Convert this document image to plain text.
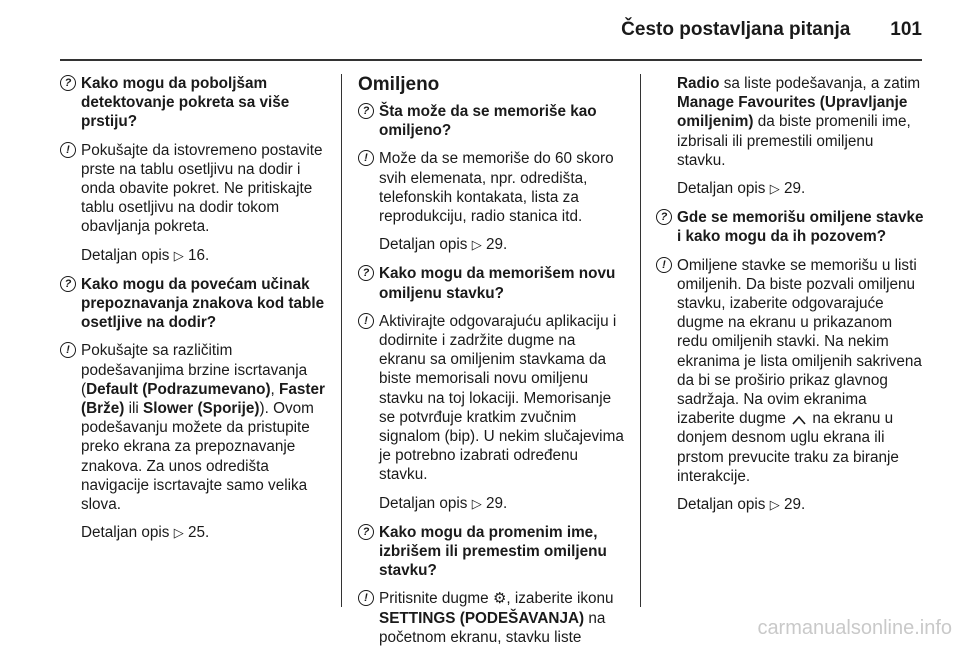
Često postavljana pitanja 101
? Kako mogu da poboljšam detektovanje pokreta sa više prstiju?
! Pokušajte da istovremeno postavite prste na tablu osetljivu na dodir i onda obavite pokret. Ne pritiskajte tablu osetljivu na dodir tokom obavljanja pokreta.
Detaljan opis ▷ 16.
? Kako mogu da povećam učinak prepoznavanja znakova kod table osetljive na dodir?
! Pokušajte sa različitim podešavanjima brzine iscrtavanja (Default (Podrazumevano), Faster (Brže) ili Slower (Sporije)). Ovom podešavanju možete da pristupite preko ekrana za prepoznavanje znakova. Za unos odredišta navigacije iscrtavajte samo velika slova.
Detaljan opis ▷ 25.
Omiljeno
? Šta može da se memoriše kao omiljeno?
! Može da se memoriše do 60 skoro svih elemenata, npr. odredišta, telefonskih kontakata, lista za reprodukciju, radio stanica itd.
Detaljan opis ▷ 29.
? Kako mogu da memorišem novu omiljenu stavku?
! Aktivirajte odgovarajuću aplikaciju i dodirnite i zadržite dugme na ekranu sa omiljenim stavkama da biste memorisali novu omiljenu stavku na toj lokaciji. Memorisanje se potvrđuje kratkim zvučnim signalom (bip). U nekim slučajevima je potrebno izabrati određenu stavku.
Detaljan opis ▷ 29.
? Kako mogu da promenim ime, izbrišem ili premestim omiljenu stavku?
! Pritisnite dugme ⚙, izaberite ikonu SETTINGS (PODEŠAVANJA) na početnom ekranu, stavku liste
Radio sa liste podešavanja, a zatim Manage Favourites (Upravljanje omiljenim) da biste promenili ime, izbrisali ili premestili omiljenu stavku.
Detaljan opis ▷ 29.
? Gde se memorišu omiljene stavke i kako mogu da ih pozovem?
! Omiljene stavke se memorišu u listi omiljenih. Da biste pozvali omiljenu stavku, izaberite odgovarajuće dugme na ekranu u prikazanom redu omiljenih stavki. Na nekim ekranima je lista omiljenih sakrivena da bi se proširio prikaz glavnog sadržaja. Na ovim ekranima izaberite dugme  na ekranu u donjem desnom uglu ekrana ili prstom prevucite traku za biranje interakcije.
Detaljan opis ▷ 29.
carmanualsonline.info
